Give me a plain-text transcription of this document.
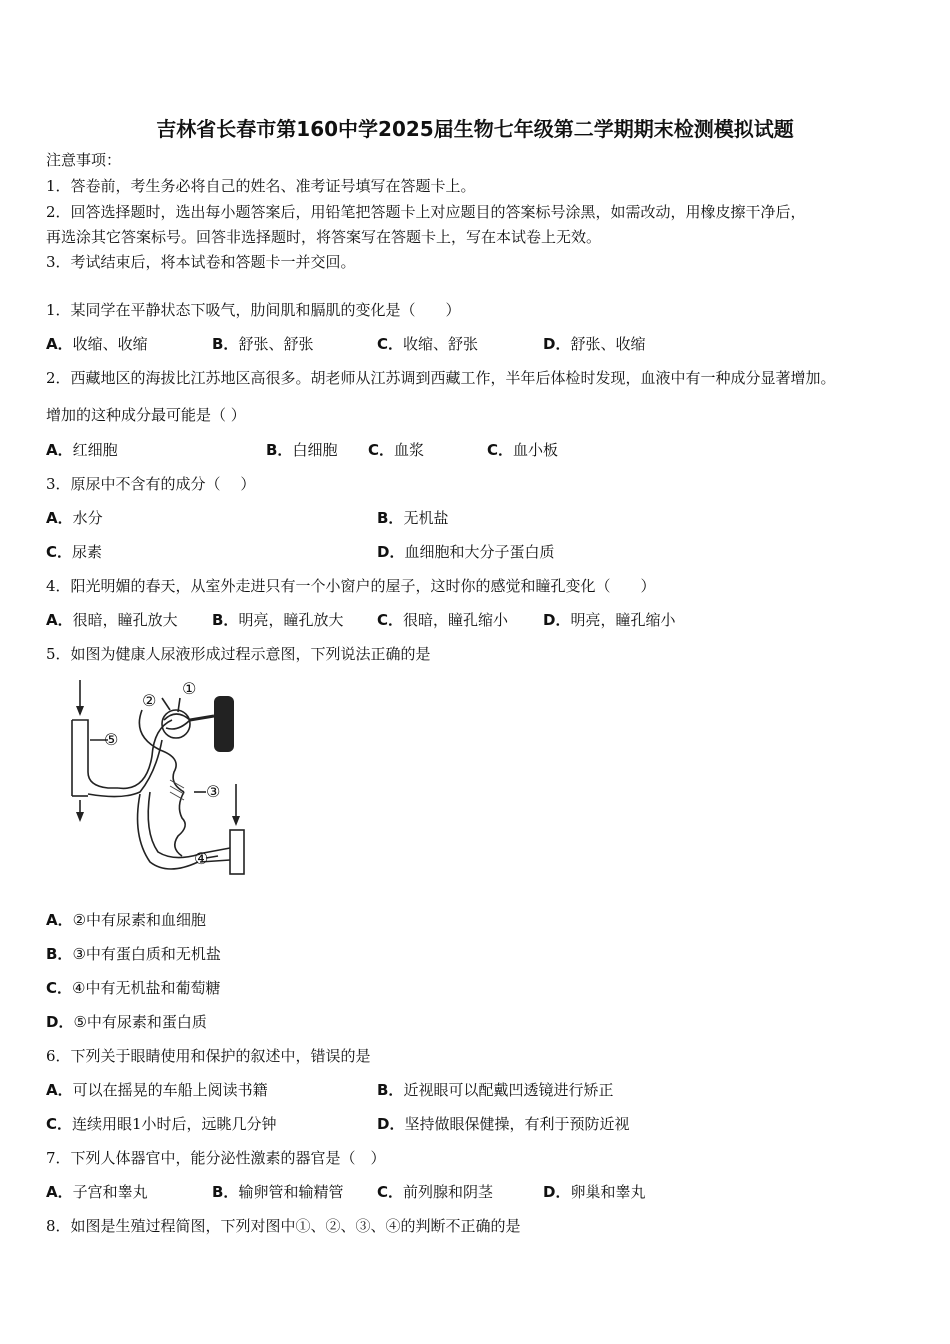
吉林省长春市第160中学2025届生物七年级第二学期期末检测模拟试题
注意事项：
1．答卷前，考生务必将自己的姓名、准考证号填写在答题卡上。
2．回答选择题时，选出每小题答案后，用铅笔把答题卡上对应题目的答案标号涂黑，如需改动，用橡皮擦干净后，
再选涂其它答案标号。回答非选择题时，将答案写在答题卡上，写在本试卷上无效。
3．考试结束后，将本试卷和答题卡一并交回。
1．某同学在平静状态下吸气，肋间肌和膈肌的变化是（　　）
A．收缩、收缩	B．舒张、舒张	C．收缩、舒张	D．舒张、收缩
2．西藏地区的海拔比江苏地区高很多。胡老师从江苏调到西藏工作，半年后体检时发现，血液中有一种成分显著增加。
增加的这种成分最可能是（ ）
A．红细胞	B．白细胞 C．血浆	C．血小板
3．原尿中不含有的成分（　 ）
A．水分	B．无机盐
C．尿素	D．血细胞和大分子蛋白质
4．阳光明媚的春天，从室外走进只有一个小窗户的屋子，这时你的感觉和瞳孔变化（　　）
A．很暗，瞳孔放大 B．明亮，瞳孔放大 C．很暗，瞳孔缩小 D．明亮，瞳孔缩小
5．如图为健康人尿液形成过程示意图，下列说法正确的是
①
②
③
④
⑤
A．②中有尿素和血细胞
B．③中有蛋白质和无机盐
C．④中有无机盐和葡萄糖
D．⑤中有尿素和蛋白质
6．下列关于眼睛使用和保护的叙述中，错误的是
A．可以在摇晃的车船上阅读书籍	B．近视眼可以配戴凹透镜进行矫正
C．连续用眼1小时后，远眺几分钟	D．坚持做眼保健操，有利于预防近视
7．下列人体器官中，能分泌性激素的器官是（　）
A．子宫和睾丸	B．输卵管和输精管 C．前列腺和阴茎	D．卵巢和睾丸
8．如图是生殖过程简图，下列对图中①、②、③、④的判断不正确的是
